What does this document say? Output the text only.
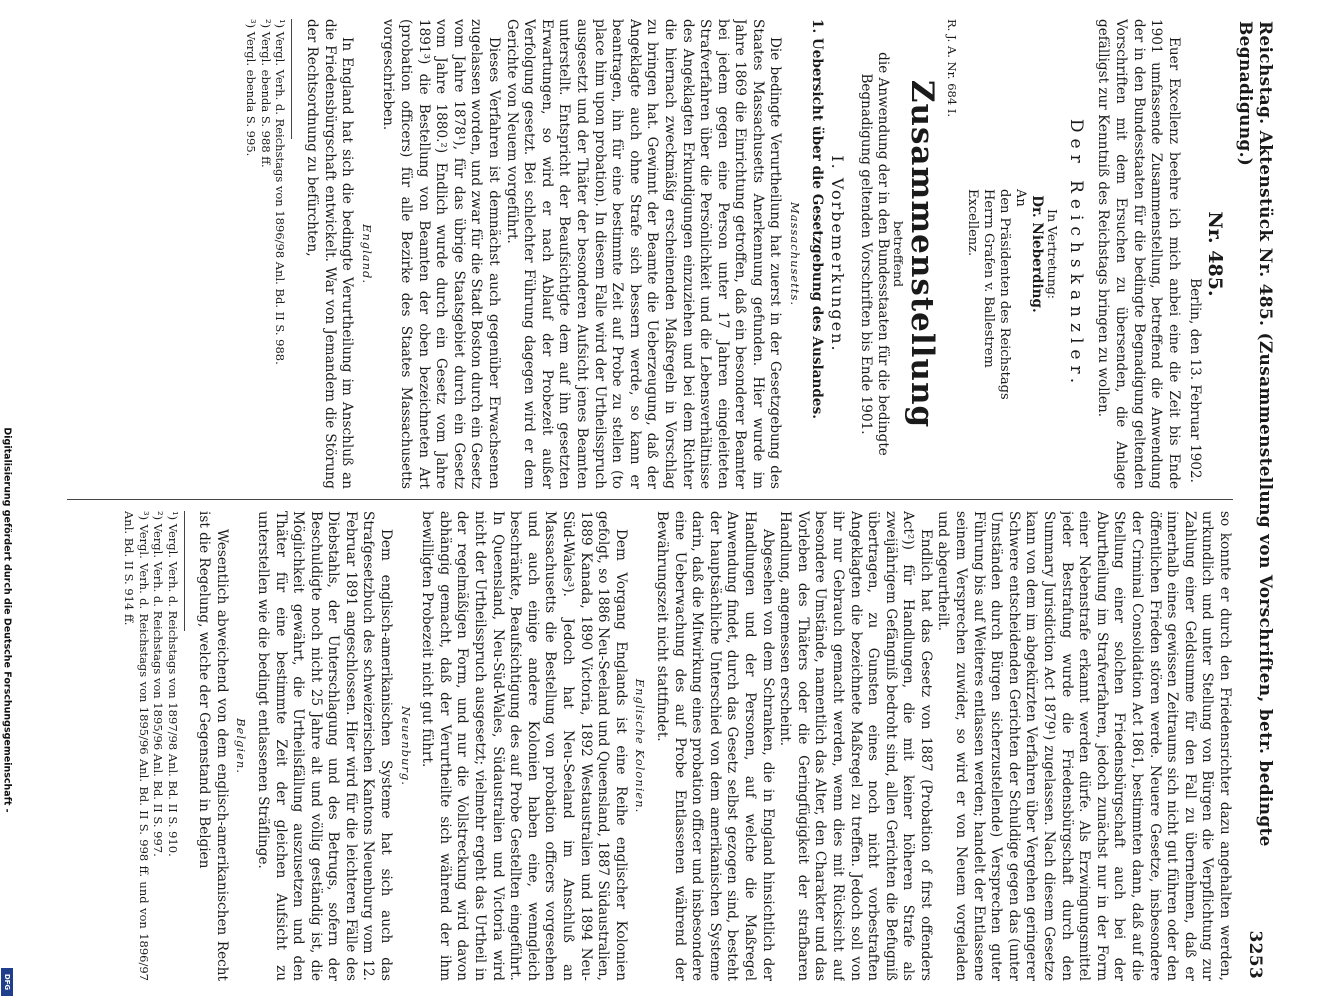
Reichstag. Aktenstück Nr. 485. (Zusammenstellung von Vorschriften, betr. bedingte Begnadigung.)
3253
Nr. 485.
Berlin, den 13. Februar 1902.

Euer Excellenz beehre ich mich anbei eine die Zeit bis Ende 1901 umfassende Zusammenstellung, betreffend die Anwendung der in den Bundesstaaten für die bedingte Begnadigung geltenden Vorschriften mit dem Ersuchen zu übersenden, die Anlage gefälligst zur Kenntniß des Reichstags bringen zu wollen.

Der Reichskanzler.
In Vertretung:
Dr. Nieberding.
An
den Präsidenten des Reichstags
Herrn Grafen v. Ballestrem
Excellenz.
R. J. A. Nr. 684 I.
Zusammenstellung
betreffend
die Anwendung der in den Bundesstaaten für die bedingte Begnadigung geltenden Vorschriften bis Ende 1901.
I. Vorbemerkungen.
1. Uebersicht über die Gesetzgebung des Auslandes.
Massachusetts.

Die bedingte Verurtheilung hat zuerst in der Gesetzgebung des Staates Massachusetts Anerkennung gefunden. Hier wurde im Jahre 1869 die Einrichtung getroffen, daß ein besonderer Beamter bei jedem gegen eine Person unter 17 Jahren eingeleiteten Strafverfahren über die Persönlichkeit und die Lebensverhältnisse des Angeklagten Erkundigungen einzuziehen und bei dem Richter die hiernach zweckmäßig erscheinenden Maßregeln in Vorschlag zu bringen hat. Gewinnt der Beamte die Ueberzeugung, daß der Angeklagte auch ohne Strafe sich bessern werde, so kann er beantragen, ihn für eine bestimmte Zeit auf Probe zu stellen (to place him upon probation). In diesem Falle wird der Urtheilsspruch ausgesetzt und der Thäter der besonderen Aufsicht jenes Beamten unterstellt. Entspricht der Beaufsichtigte dem auf ihn gesetzten Erwartungen, so wird er nach Ablauf der Probezeit außer Verfolgung gesetzt. Bei schlechter Führung dagegen wird er dem Gerichte von Neuem vorgeführt.

Dieses Verfahren ist demnächst auch gegenüber Erwachsenen zugelassen worden, und zwar für die Stadt Boston durch ein Gesetz vom Jahre 1878¹), für das übrige Staatsgebiet durch ein Gesetz vom Jahre 1880.²) Endlich wurde durch ein Gesetz vom Jahre 1891³) die Bestellung von Beamten der oben bezeichneten Art (probation officers) für alle Bezirke des Staates Massachusetts vorgeschrieben.

England.

In England hat sich die bedingte Verurtheilung im Anschluß an die Friedensbürgschaft entwickelt. War von Jemandem die Störung der Rechtsordnung zu befürchten,

¹) Vergl. Verh. d. Reichstags von 1896/98 Anl. Bd. II S. 988.

²) Vergl. ebenda S. 988 ff.

³) Vergl. ebenda S. 995.

so konnte er durch den Friedensrichter dazu angehalten werden, urkundlich und unter Stellung von Bürgen die Verpflichtung zur Zahlung einer Geldsumme für den Fall zu übernehmen, daß er innerhalb eines gewissen Zeitraums sich nicht gut führen oder den öffentlichen Frieden stören werde. Neuere Gesetze, insbesondere der Criminal Consolidation Act 1861, bestimmten dann, daß auf die Stellung einer solchen Friedensbürgschaft auch bei der Aburtheilung im Strafverfahren, jedoch zunächst nur in der Form einer Nebenstrafe erkannt werden dürfe. Als Erzwingungsmittel jeder Bestrafung wurde die Friedensbürgschaft durch den Summary Jurisdiction Act 1879¹) zugelassen. Nach diesem Gesetze kann von dem im abgekürzten Verfahren über Vergehen geringerer Schwere entscheidenden Gerichten der Schuldige gegen das (unter Umständen durch Bürgen sicherzustellende) Versprechen guter Führung bis auf Weiteres entlassen werden; handelt der Entlassene seinem Versprechen zuwider, so wird er von Neuem vorgeladen und abgeurtheilt.

Endlich hat das Gesetz von 1887 (Probation of first offenders Act²)) für Handlungen, die mit keiner höheren Strafe als zweijährigem Gefängniß bedroht sind, allen Gerichten die Befugniß übertragen, zu Gunsten eines noch nicht vorbestraften Angeklagten die bezeichnete Maßregel zu treffen. Jedoch soll von ihr nur Gebrauch gemacht werden, wenn dies mit Rücksicht auf besondere Umstände, namentlich das Alter, den Charakter und das Vorleben des Thäters oder die Geringfügigkeit der strafbaren Handlung, angemessen erscheint.

Abgesehen von dem Schranken, die in England hinsichtlich der Handlungen und der Personen, auf welche die Maßregel Anwendung findet, durch das Gesetz selbst gezogen sind, besteht der hauptsächliche Unterschied von dem amerikanischen Systeme darin, daß die Mitwirkung eines probation officer und insbesondere eine Ueberwachung des auf Probe Entlassenen während der Bewährungszeit nicht stattfindet.

Englische Kolonien.

Dem Vorgang Englands ist eine Reihe englischer Kolonien gefolgt, so 1886 Neu-Seeland und Queensland, 1887 Südaustralien, 1889 Kanada, 1890 Victoria, 1892 Westaustralien und 1894 Neu-Süd-Wales³). Jedoch hat Neu-Seeland im Anschluß an Massachusetts die Bestellung von probation officers vorgesehen und auch einige andere Kolonien haben eine, wenngleich beschränkte, Beaufsichtigung des auf Probe Gestellten eingeführt. In Queensland, Neu-Süd-Wales, Südaustralien und Victoria wird nicht der Urtheilsspruch ausgesetzt; vielmehr ergeht das Urtheil in der regelmäßigen Form, und nur die Vollstreckung wird davon abhängig gemacht, daß der Verurtheilte sich während der ihm bewilligten Probezeit nicht gut führt.

Neuenburg.

Dem englisch-amerikanischen Systeme hat sich auch das Strafgesetzbuch des schweizerischen Kantons Neuenburg vom 12. Februar 1891 angeschlossen. Hier wird für die leichteren Fälle des Diebstahls, der Unterschlagung und des Betrugs, sofern der Beschuldigte noch nicht 25 Jahre alt und völlig geständig ist, die Möglichkeit gewährt, die Urtheilsfällung auszusetzen und den Thäter für eine bestimmte Zeit der gleichen Aufsicht zu unterstellen wie die bedingt entlassenen Sträflinge.

Belgien.

Wesentlich abweichend von dem englisch-amerikanischen Recht ist die Regelung, welche der Gegenstand in Belgien

¹) Vergl. Verh. d. Reichstags von 1897/98 Anl. Bd. II S. 910.

²) Vergl. Verh. d. Reichstags von 1895/96 Anl. Bd. II S. 997.

³) Vergl. Verh. d. Reichstags von 1895/96 Anl. Bd. II S. 998 ff. und von 1896/97 Anl. Bd. II S. 914 ff.

Digitalisierung gefördert durch die Deutsche Forschungsgemeinschaft -
DFG
